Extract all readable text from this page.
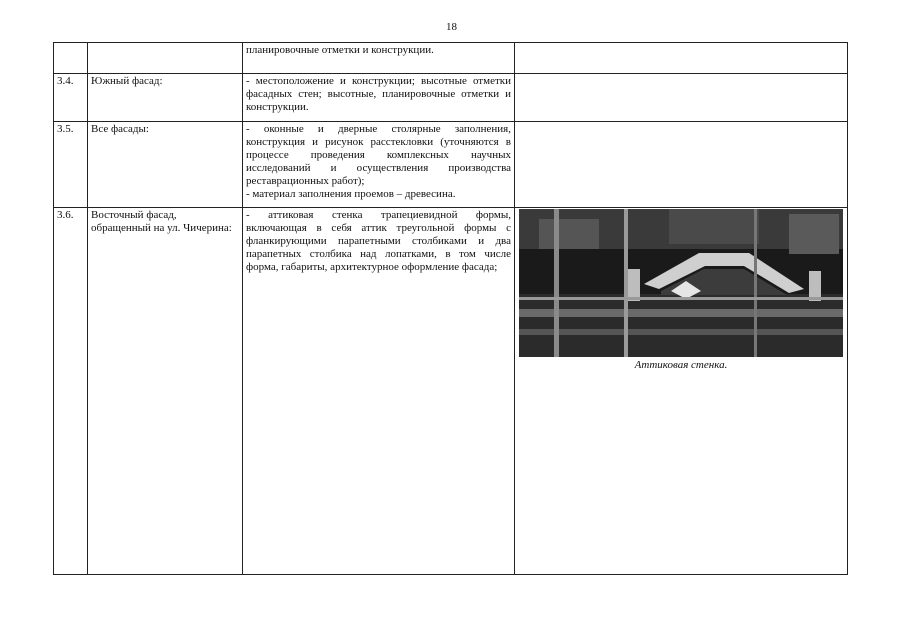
18
		планировочные отметки и конструкции.	
3.4.	Южный фасад:	- местоположение и конструкции; высотные отметки фасадных стен; высотные, планировочные отметки и конструкции.	
3.5.	Все фасады:	- оконные и дверные столярные заполнения, конструкция и рисунок расстекловки (уточняются в процессе проведения комплексных научных исследований и осуществления производства реставрационных работ);
- материал заполнения проемов – древесина.	
3.6.	Восточный фасад, обращенный на ул. Чичерина:	- аттиковая стенка трапециевидной формы, включающая в себя аттик треугольной формы с фланкирующими парапетными столбиками и два парапетных столбика над лопатками, в том числе форма, габариты, архитектурное оформление фасада;	Аттиковая стенка.
